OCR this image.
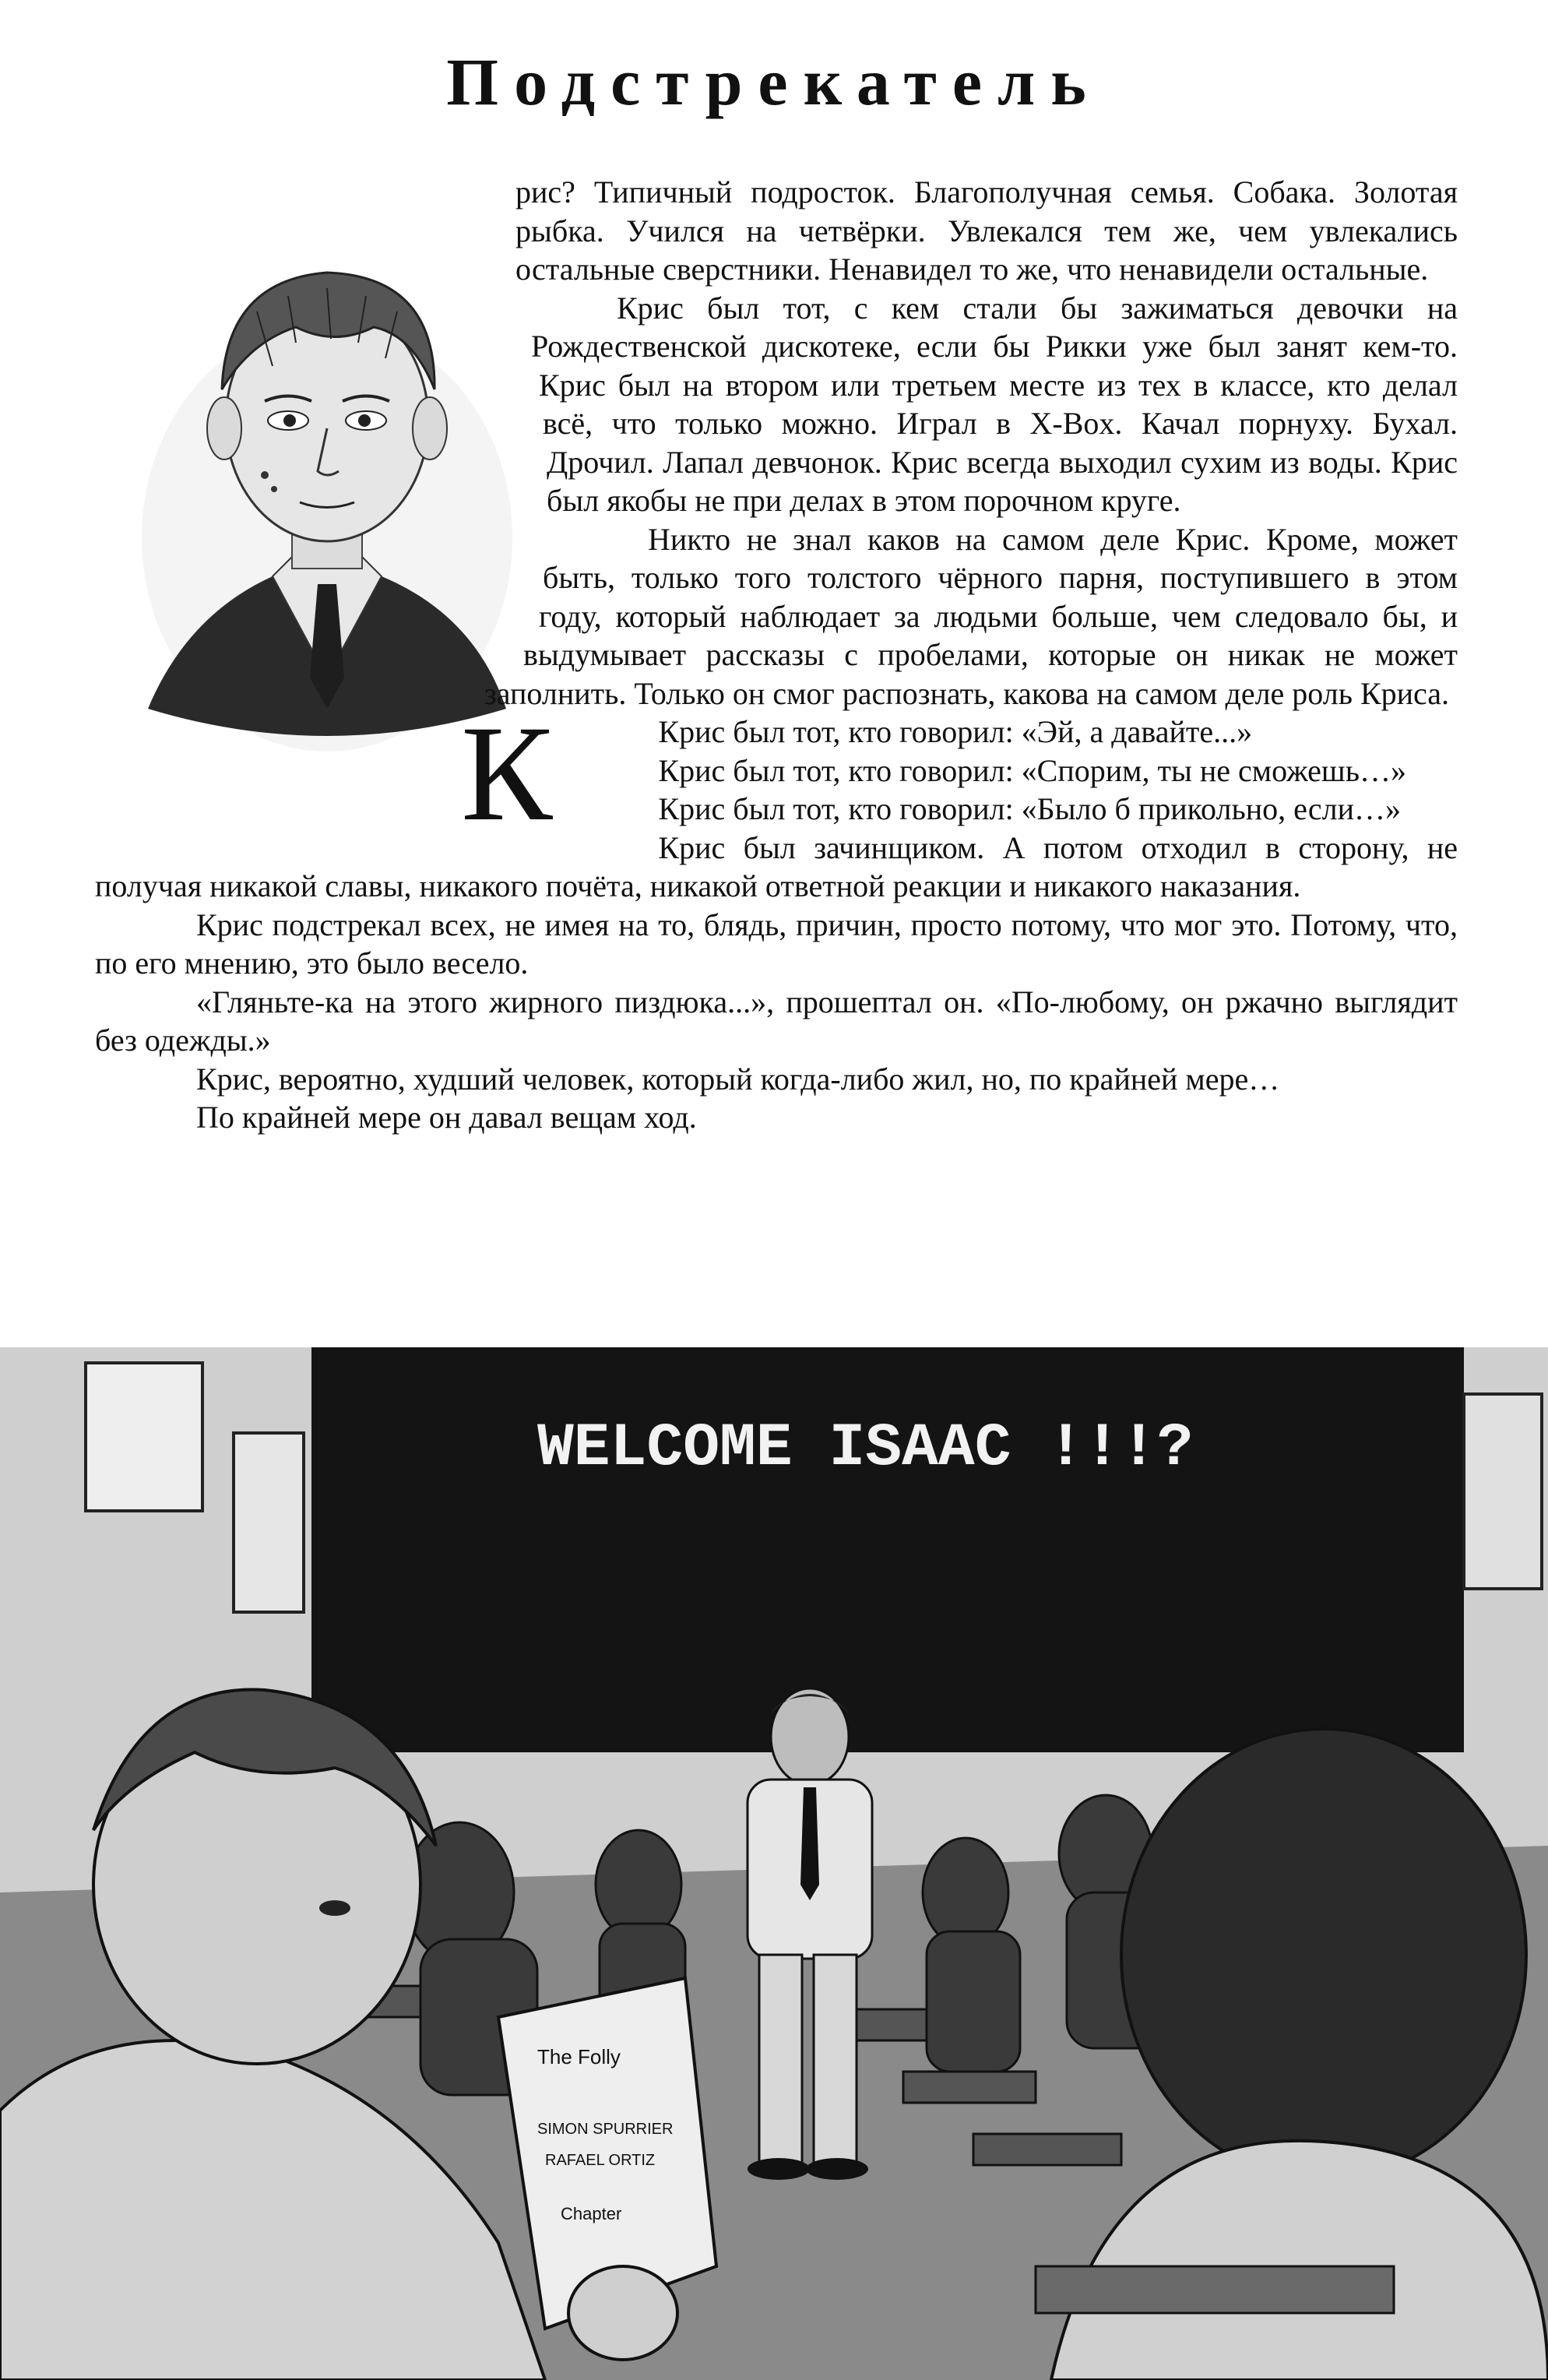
Подстрекатель
К

рис? Типичный подросток. Благополучная семья. Собака. Золотая рыбка. Учился на четвёрки. Увлекался тем же, чем увлекались остальные сверстники. Ненавидел то же, что ненавидели остальные.

Крис был тот, с кем стали бы зажиматься девочки на Рождественской дискотеке, если бы Рикки уже был занят кем-то. Крис был на втором или третьем месте из тех в классе, кто делал всё, что только можно. Играл в X-Box. Качал порнуху. Бухал. Дрочил. Лапал девчонок. Крис всегда выходил сухим из воды. Крис был якобы не при делах в этом порочном круге.

Никто не знал каков на самом деле Крис. Кроме, может быть, только того толстого чёрного парня, поступившего в этом году, который наблюдает за людьми больше, чем следовало бы, и выдумывает рассказы с пробелами, которые он никак не может заполнить. Только он смог распознать, какова на самом деле роль Криса.

Крис был тот, кто говорил: «Эй, а давайте...»

Крис был тот, кто говорил: «Спорим, ты не сможешь…»

Крис был тот, кто говорил: «Было б прикольно, если…»

Крис был зачинщиком. А потом отходил в сторону, не получая никакой славы, никакого почёта, никакой ответной реакции и никакого наказания.

Крис подстрекал всех, не имея на то, блядь, причин, просто потому, что мог это. Потому, что, по его мнению, это было весело.

«Гляньте-ка на этого жирного пиздюка...», прошептал он. «По-любому, он ржачно выглядит без одежды.»

Крис, вероятно, худший человек, который когда-либо жил, но, по крайней мере…

По крайней мере он давал вещам ход.

WELCOME ISAAC !!!?
The Folly
SIMON SPURRIER
RAFAEL ORTIZ
Chapter
